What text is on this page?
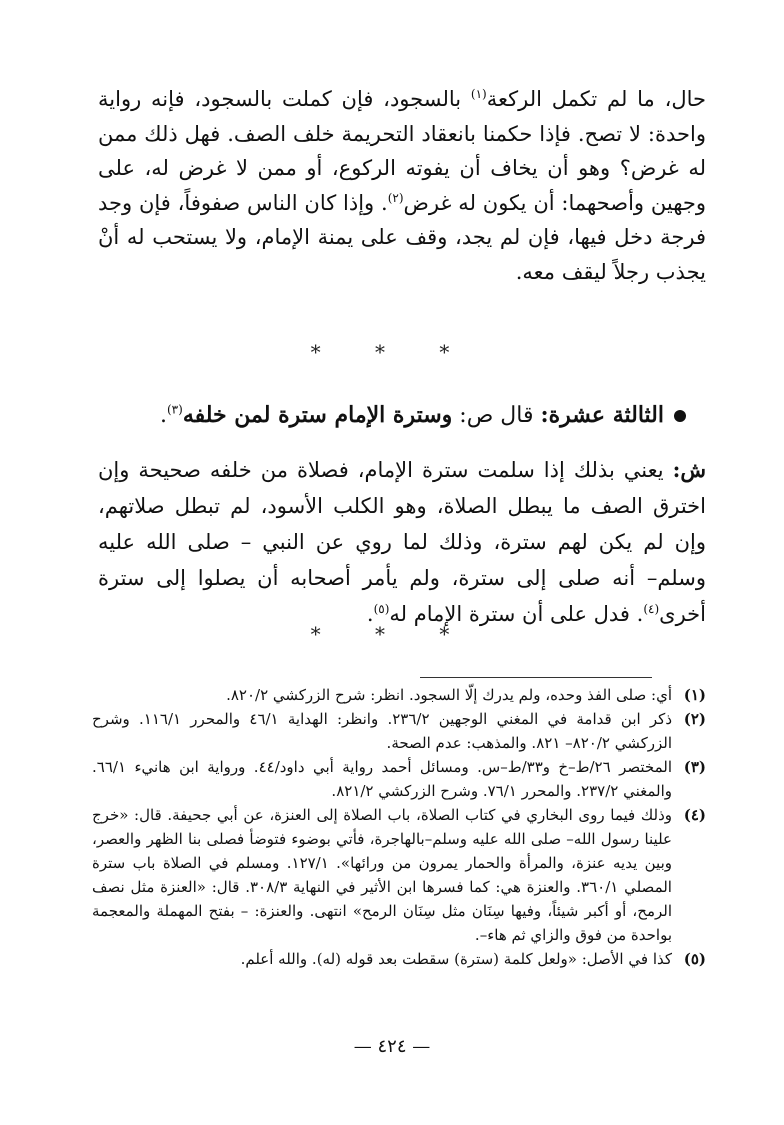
حال، ما لم تكمل الركعة$^{(١)}$ بالسجود، فإن كملت بالسجود، فإنه رواية واحدة: لا تصح. فإذا حكمنا بانعقاد التحريمة خلف الصف. فهل ذلك ممن له غرض؟ وهو أن يخاف أن يفوته الركوع، أو ممن لا غرض له، على وجهين وأصحهما: أن يكون له غرض$^{(٢)}$. وإذا كان الناس صفوفاً، فإن وجد فرجة دخل فيها، فإن لم يجد، وقف على يمنة الإمام، ولا يستحب له أنْ يجذب رجلاً ليقف معه.

* * *

الثالثة عشرة: قال ص: وسترة الإمام سترة لمن خلفه$^{(٣)}$.

ش: يعني بذلك إذا سلمت سترة الإمام، فصلاة من خلفه صحيحة وإن اخترق الصف ما يبطل الصلاة، وهو الكلب الأسود، لم تبطل صلاتهم، وإن لم يكن لهم سترة، وذلك لما روي عن النبي – صلى الله عليه وسلم– أنه صلى إلى سترة، ولم يأمر أصحابه أن يصلوا إلى سترة أخرى$^{(٤)}$. فدل على أن سترة الإمام له$^{(٥)}$.

* * *
(١)
أي: صلى الفذ وحده، ولم يدرك إلّا السجود. انظر: شرح الزركشي ٨٢٠/٢.
(٢)
ذكر ابن قدامة في المغني الوجهين ٢٣٦/٢. وانظر: الهداية ٤٦/١ والمحرر ١١٦/١. وشرح الزركشي ٨٢٠/٢– ٨٢١. والمذهب: عدم الصحة.
(٣)
المختصر ٢٦/ط–خ و٣٣/ط–س. ومسائل أحمد رواية أبي داود/٤٤. ورواية ابن هانيء ٦٦/١. والمغني ٢٣٧/٢. والمحرر ٧٦/١. وشرح الزركشي ٨٢١/٢.
(٤)
وذلك فيما روى البخاري في كتاب الصلاة، باب الصلاة إلى العنزة، عن أبي جحيفة. قال: «خرج علينا رسول الله– صلى الله عليه وسلم–بالهاجرة، فأتي بوضوء فتوضأ فصلى بنا الظهر والعصر، وبين يديه عنزة، والمرأة والحمار يمرون من ورائها». ١٢٧/١. ومسلم في الصلاة باب سترة المصلي ٣٦٠/١. والعنزة هي: كما فسرها ابن الأثير في النهاية ٣٠٨/٣. قال: «العنزة مثل نصف الرمح، أو أكبر شيئاً، وفيها سِنَان مثل سِنَان الرمح» انتهى. والعنزة: – بفتح المهملة والمعجمة بواحدة من فوق والزاي ثم هاء–.
(٥)
كذا في الأصل: «ولعل كلمة (سترة) سقطت بعد قوله (له). والله أعلم.
— ٤٢٤ —
